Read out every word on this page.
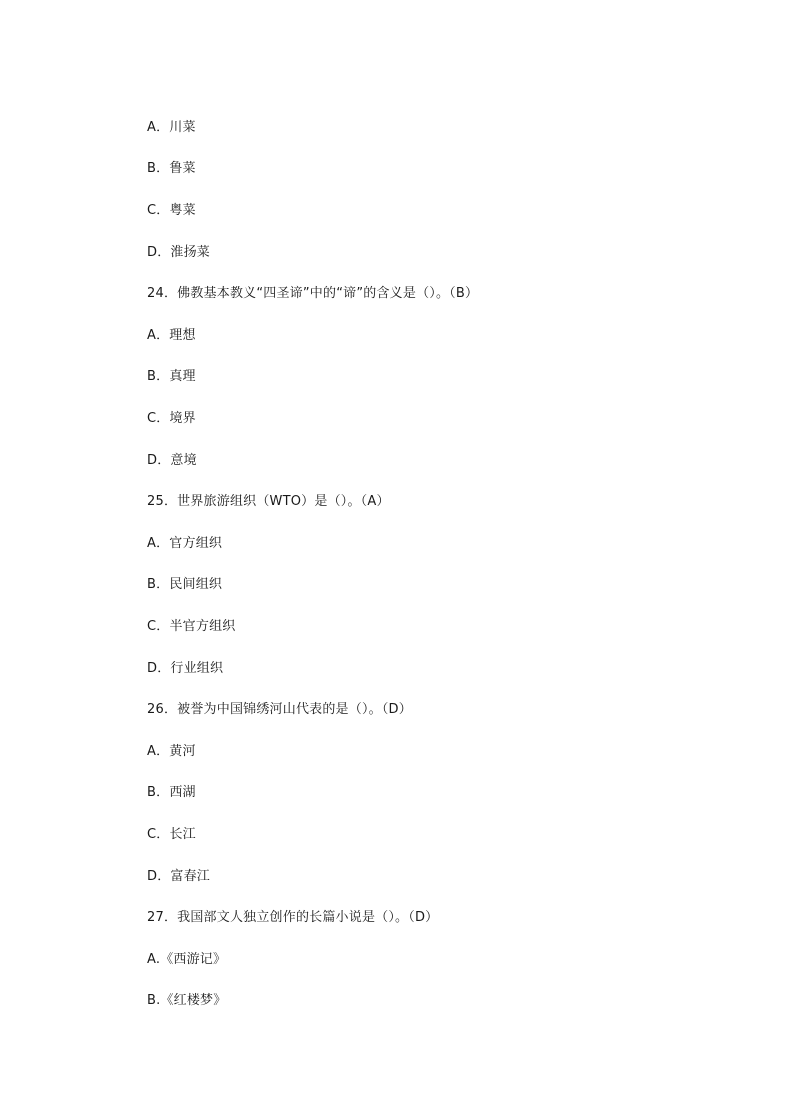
A．川菜
B．鲁菜
C．粤菜
D．淮扬菜
24．佛教基本教义“四圣谛”中的“谛”的含义是（）。（B）
A．理想
B．真理
C．境界
D．意境
25．世界旅游组织（WTO）是（）。（A）
A．官方组织
B．民间组织
C．半官方组织
D．行业组织
26．被誉为中国锦绣河山代表的是（）。（D）
A．黄河
B．西湖
C．长江
D．富春江
27．我国部文人独立创作的长篇小说是（）。（D）
A.《西游记》
B.《红楼梦》
